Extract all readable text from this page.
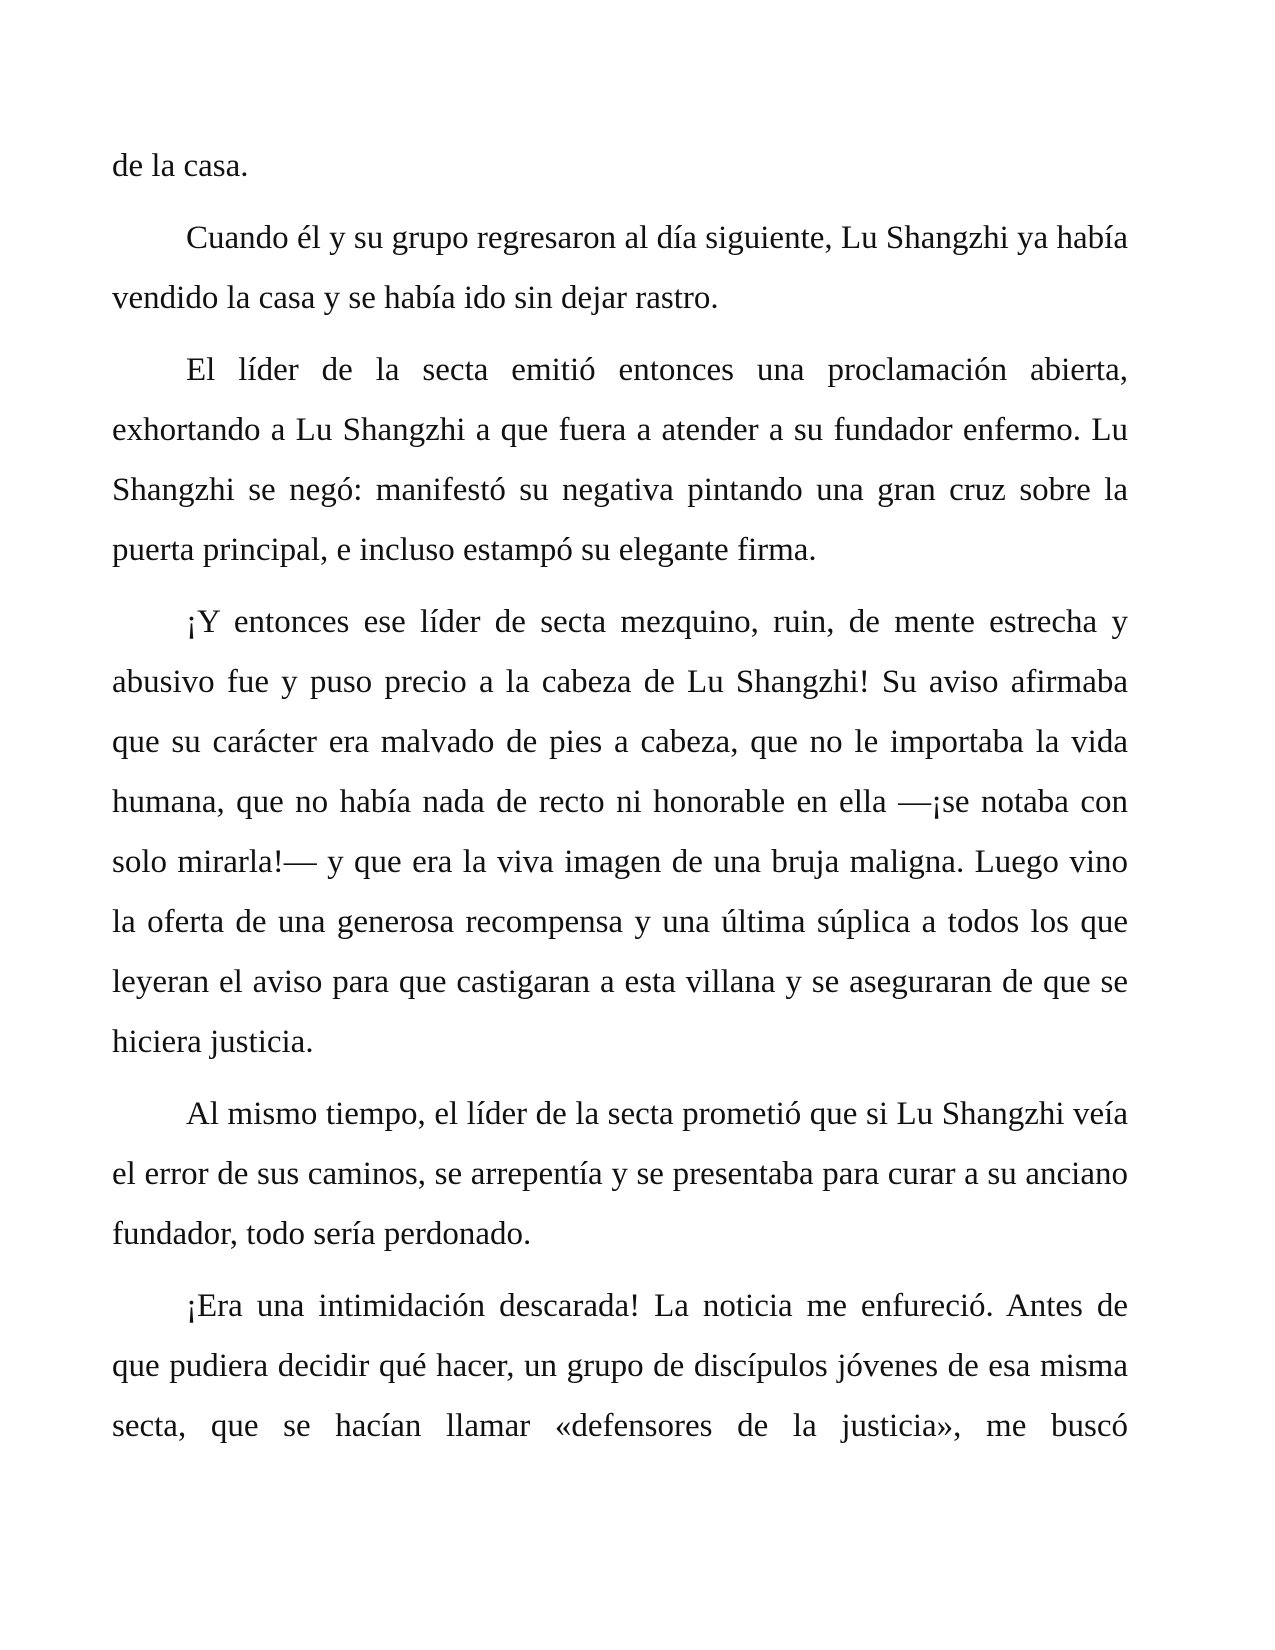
de la casa.

Cuando él y su grupo regresaron al día siguiente, Lu Shangzhi ya había vendido la casa y se había ido sin dejar rastro.

El líder de la secta emitió entonces una proclamación abierta, exhortando a Lu Shangzhi a que fuera a atender a su fundador enfermo. Lu Shangzhi se negó: manifestó su negativa pintando una gran cruz sobre la puerta principal, e incluso estampó su elegante firma.

¡Y entonces ese líder de secta mezquino, ruin, de mente estrecha y abusivo fue y puso precio a la cabeza de Lu Shangzhi! Su aviso afirmaba que su carácter era malvado de pies a cabeza, que no le importaba la vida humana, que no había nada de recto ni honorable en ella —¡se notaba con solo mirarla!— y que era la viva imagen de una bruja maligna. Luego vino la oferta de una generosa recompensa y una última súplica a todos los que leyeran el aviso para que castigaran a esta villana y se aseguraran de que se hiciera justicia.

Al mismo tiempo, el líder de la secta prometió que si Lu Shangzhi veía el error de sus caminos, se arrepentía y se presentaba para curar a su anciano fundador, todo sería perdonado.

¡Era una intimidación descarada! La noticia me enfureció. Antes de que pudiera decidir qué hacer, un grupo de discípulos jóvenes de esa misma secta, que se hacían llamar «defensores de la justicia», me buscó
